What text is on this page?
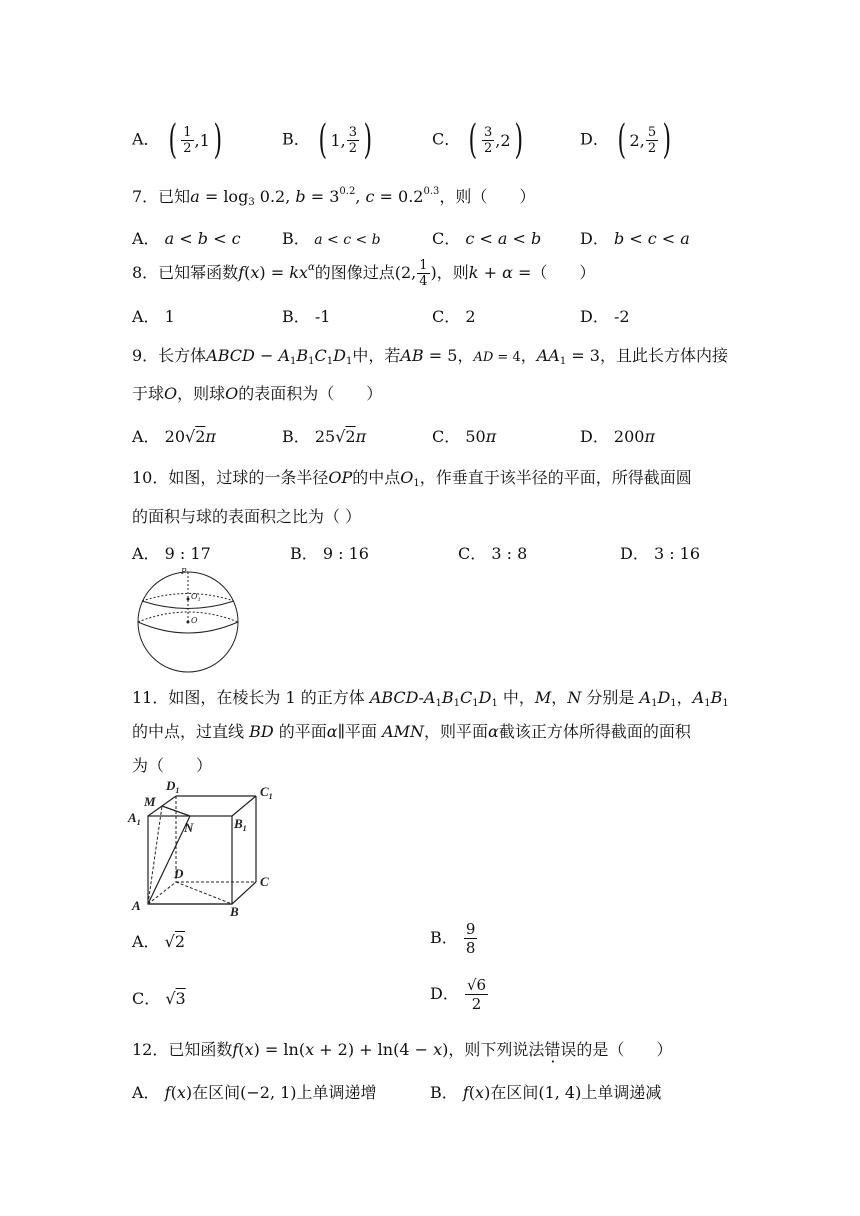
A． ( $\frac{1}{2} ,1$ )	B． ( 1, $\frac{3}{2}$ )	C． ( $\frac{3}{2} ,2$ )	D． ( 2, $\frac{5}{2}$ )
7．已知$a = \log_3 0.2$, $b = 3^{0.2}$, $c = 0.2^{0.3}$，则（　　）
A． a < b < c	B． a < c < b	C． c < a < b D． b < c < a
8．已知幂函数$f(x) = kx^\alpha$的图像过点(2, $\frac{1}{4}$ )，则k + α =（　　）
A． 1	B． -1	C． 2	D． -2
9．长方体ABCD − $A_1B_1C_1D_1$中，若AB = 5，AD = 4，$AA_1 = 3$，且此长方体内接
于球O，则球O的表面积为（　　）
A． 20√2π	B． 25√2π	C． 50π	D． 200π
10．如图，过球的一条半径OP的中点$O_1$，作垂直于该半径的平面，所得截面圆
的面积与球的表面积之比为（ ）
A． 9 : 17	B． 9 : 16	C． 3 : 8	D． 3 : 16
P
$O_1$
O
11．如图，在棱长为 1 的正方体 ABCD-$A_1B_1C_1D_1$ 中，M，N 分别是 $A_1D_1$，$A_1B_1$
的中点，过直线 BD 的平面α∥平面 AMN，则平面α截该正方体所得截面的面积
为（　　）
M
$D_1$	$C_1$
$A_1$	N	$B_1$
D
C
A	B
A． √2	B． $\frac{9}{8}$
C． √3	D． $\frac{√6}{2}$
12．已知函数f(x) = ln(x + 2) + ln(4 − x)，则下列说法错误的是（　　）
A． f(x)在区间(−2, 1)上单调递增	B． f(x)在区间(1, 4)上单调递减
